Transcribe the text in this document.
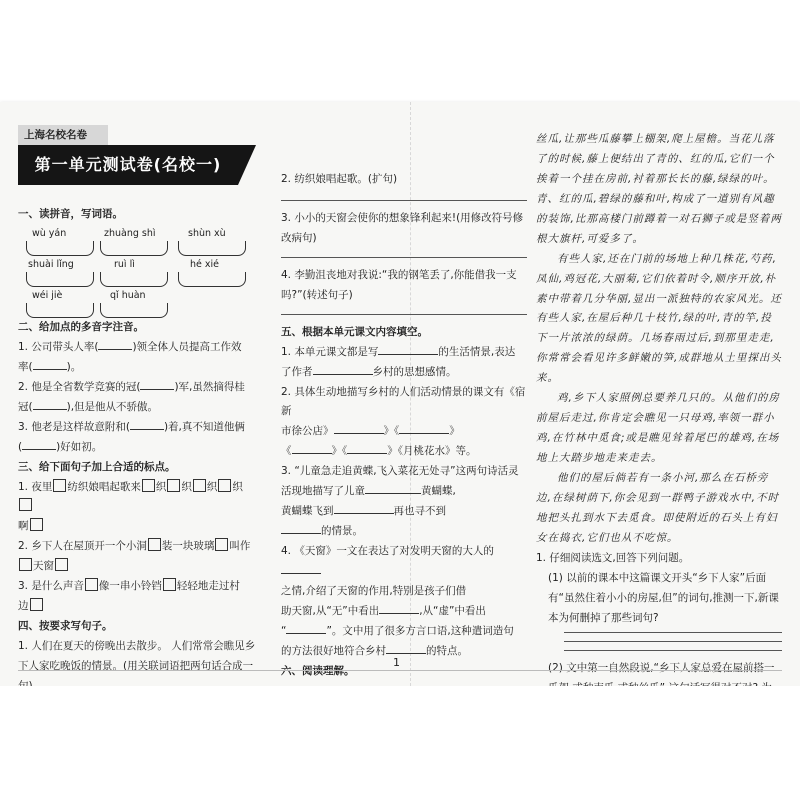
上海名校名卷
第一单元测试卷(名校一)
一、读拼音，写词语。
wù yán	zhuàng shì	shùn xù
shuài lǐng	ruì lì	hé xié
wéi jiè	qǐ huàn
二、给加点的多音字注音。
1. 公司带头人率(	)领全体人员提高工作效
率(	)。
2. 他是全省数学竞赛的冠(	)军,虽然摘得桂
冠(	),但是他从不骄傲。
3. 他老是这样故意附和(	)着,真不知道他俩
(	)好如初。
三、给下面句子加上合适的标点。
1. 夜里 纺织娘唱起歌来 织 织 织 织
啊
2. 乡下人在屋顶开一个小洞 装一块玻璃 叫作
天窗
3. 是什么声音 像一串小铃铛 轻轻地走过村
边
四、按要求写句子。
1. 人们在夏天的傍晚出去散步。 人们常常会瞧见乡下人家吃晚饭的情景。(用关联词语把两句话合成一
2. 纺织娘唱起歌。(扩句)
3. 小小的天窗会使你的想象锋利起来!(用修改符号修改病句)
4. 李勤沮丧地对我说:“我的钢笔丢了,你能借我一支吗?”(转述句子)
五、根据本单元课文内容填空。
1. 本单元课文都是写	的生活情景,表达
了作者	乡村的思想感情。
2. 具体生动地描写乡村的人们活动情景的课文有《宿新
市徐公店》	》《	》
《	》《	》《月桃花水》等。
3. “儿童急走追黄蝶,飞入菜花无处寻”这两句诗活灵
活现地描写了儿童	黄蝴蝶,
黄蝴蝶飞到	再也寻不到
的情景。
4. 《天窗》一文在表达了对发明天窗的大人的
之情,介绍了天窗的作用,特别是孩子们借
助天窗,从“无”中看出	,从“虚”中看出
“	”。文中用了很多方言口语,这种遣词造句
的方法很好地符合乡村	的特点。
六、阅读理解。
丝瓜,让那些瓜藤攀上棚架,爬上屋檐。当花儿落了的时候,藤上便结出了青的、红的瓜,它们一个挨着一个挂在房前,衬着那长长的藤,绿绿的叶。青、红的瓜,碧绿的藤和叶,构成了一道别有风趣的装饰,比那高楼门前蹲着一对石狮子或是竖着两根大旗杆,可爱多了。
有些人家,还在门前的场地上种几株花,芍药,凤仙,鸡冠花,大丽菊,它们依着时令,顺序开放,朴素中带着几分华丽,显出一派独特的农家风光。还有些人家,在屋后种几十枝竹,绿的叶,青的竿,投下一片浓浓的绿荫。几场春雨过后,到那里走走,你常常会看见许多鲜嫩的笋,成群地从土里探出头来。
鸡,乡下人家照例总要养几只的。从他们的房前屋后走过,你肯定会瞧见一只母鸡,率领一群小鸡,在竹林中觅食;或是瞧见耸着尾巴的雄鸡,在场地上大踏步地走来走去。
他们的屋后倘若有一条小河,那么在石桥旁边,在绿树荫下,你会见到一群鸭子游戏水中,不时地把头扎到水下去觅食。即使附近的石头上有妇女在捣衣,它们也从不吃惊。
1. 仔细阅读选文,回答下列问题。
(1) 以前的课本中这篇课文开头“乡下人家”后面有“虽然住着小小的房屋,但”的词句,推测一下,新课本为何删掉了那些词句?
(2) 文中第一自然段说,“乡下人家总爱在屋前搭一
1
